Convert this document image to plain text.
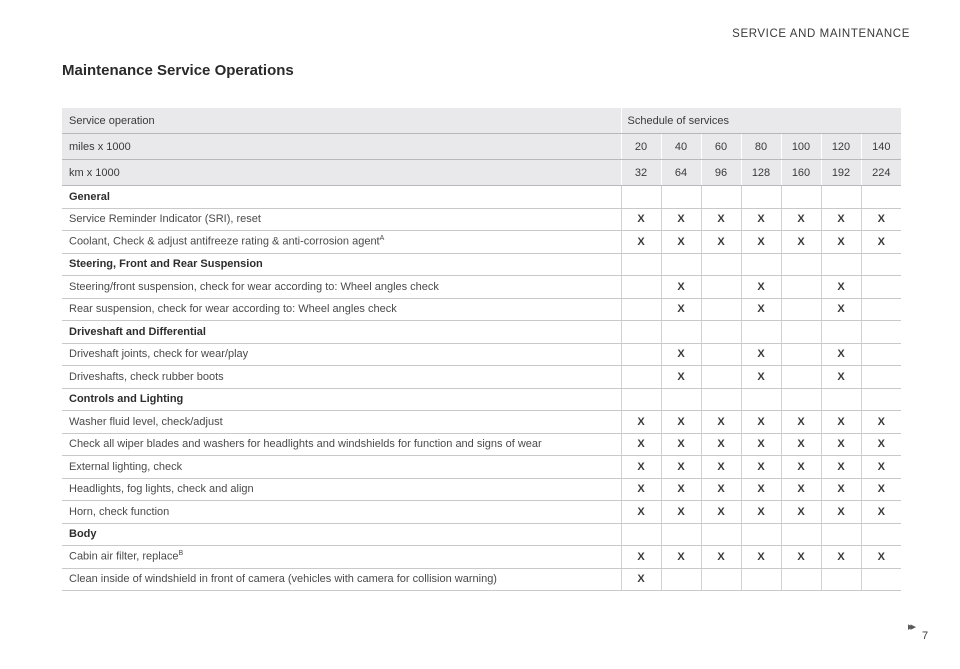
SERVICE AND MAINTENANCE
Maintenance Service Operations
Service operation	Schedule of services						
miles x 1000	20	40	60	80	100	120	140
km x 1000	32	64	96	128	160	192	224
General							
Service Reminder Indicator (SRI), reset	X	X	X	X	X	X	X
Coolant, Check & adjust antifreeze rating & anti-corrosion agent$^A$	X	X	X	X	X	X	X
Steering, Front and Rear Suspension							
Steering/front suspension, check for wear according to: Wheel angles check		X		X		X	
Rear suspension, check for wear according to: Wheel angles check		X		X		X	
Driveshaft and Differential							
Driveshaft joints, check for wear/play		X		X		X	
Driveshafts, check rubber boots		X		X		X	
Controls and Lighting							
Washer fluid level, check/adjust	X	X	X	X	X	X	X
Check all wiper blades and washers for headlights and windshields for function and signs of wear	X	X	X	X	X	X	X
External lighting, check	X	X	X	X	X	X	X
Headlights, fog lights, check and align	X	X	X	X	X	X	X
Horn, check function	X	X	X	X	X	X	X
Body							
Cabin air filter, replace$^B$	X	X	X	X	X	X	X
Clean inside of windshield in front of camera (vehicles with camera for collision warning)	X						
▸▸
7
